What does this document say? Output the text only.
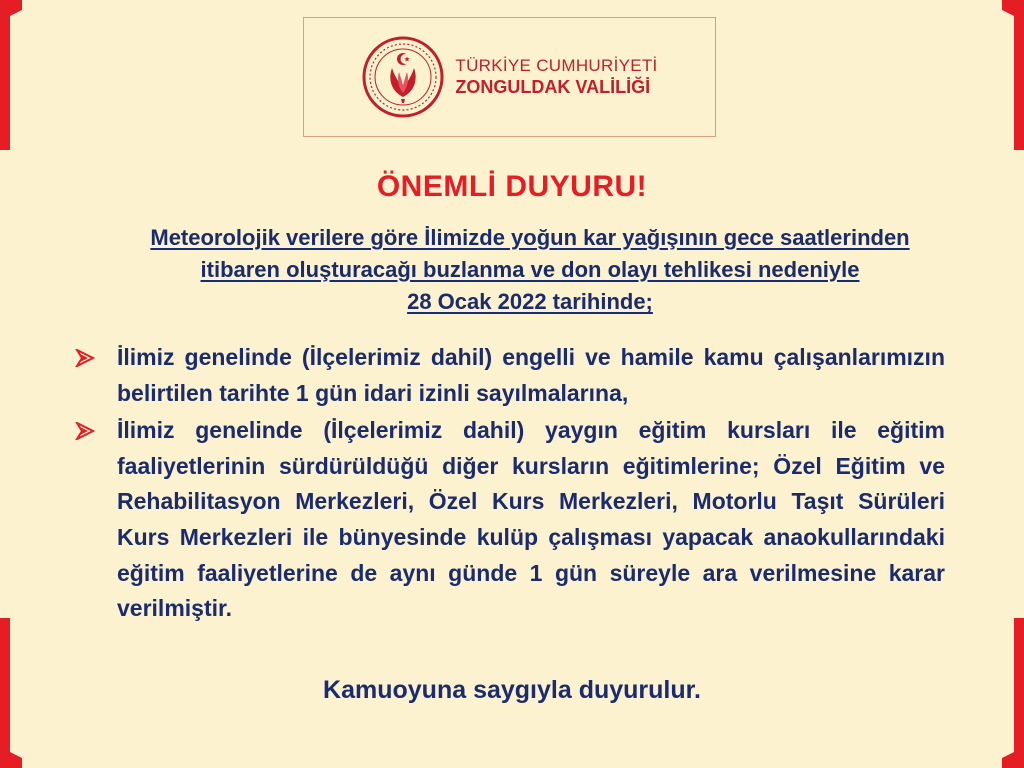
TÜRKİYE CUMHURİYETİ
ZONGULDAK VALİLİĞİ
ÖNEMLİ DUYURU!
Meteorolojik verilere göre İlimizde yoğun kar yağışının gece saatlerinden
itibaren oluşturacağı buzlanma ve don olayı tehlikesi nedeniyle
28 Ocak 2022 tarihinde;
İlimiz genelinde (İlçelerimiz dahil) engelli ve hamile kamu çalışanlarımızın belirtilen tarihte 1 gün idari izinli sayılmalarına,
İlimiz genelinde (İlçelerimiz dahil) yaygın eğitim kursları ile eğitim faaliyetlerinin sürdürüldüğü diğer kursların eğitimlerine; Özel Eğitim ve Rehabilitasyon Merkezleri, Özel Kurs Merkezleri, Motorlu Taşıt Sürüleri Kurs Merkezleri ile bünyesinde kulüp çalışması yapacak anaokullarındaki eğitim faaliyetlerine de aynı günde 1 gün süreyle ara verilmesine karar verilmiştir.
Kamuoyuna saygıyla duyurulur.
